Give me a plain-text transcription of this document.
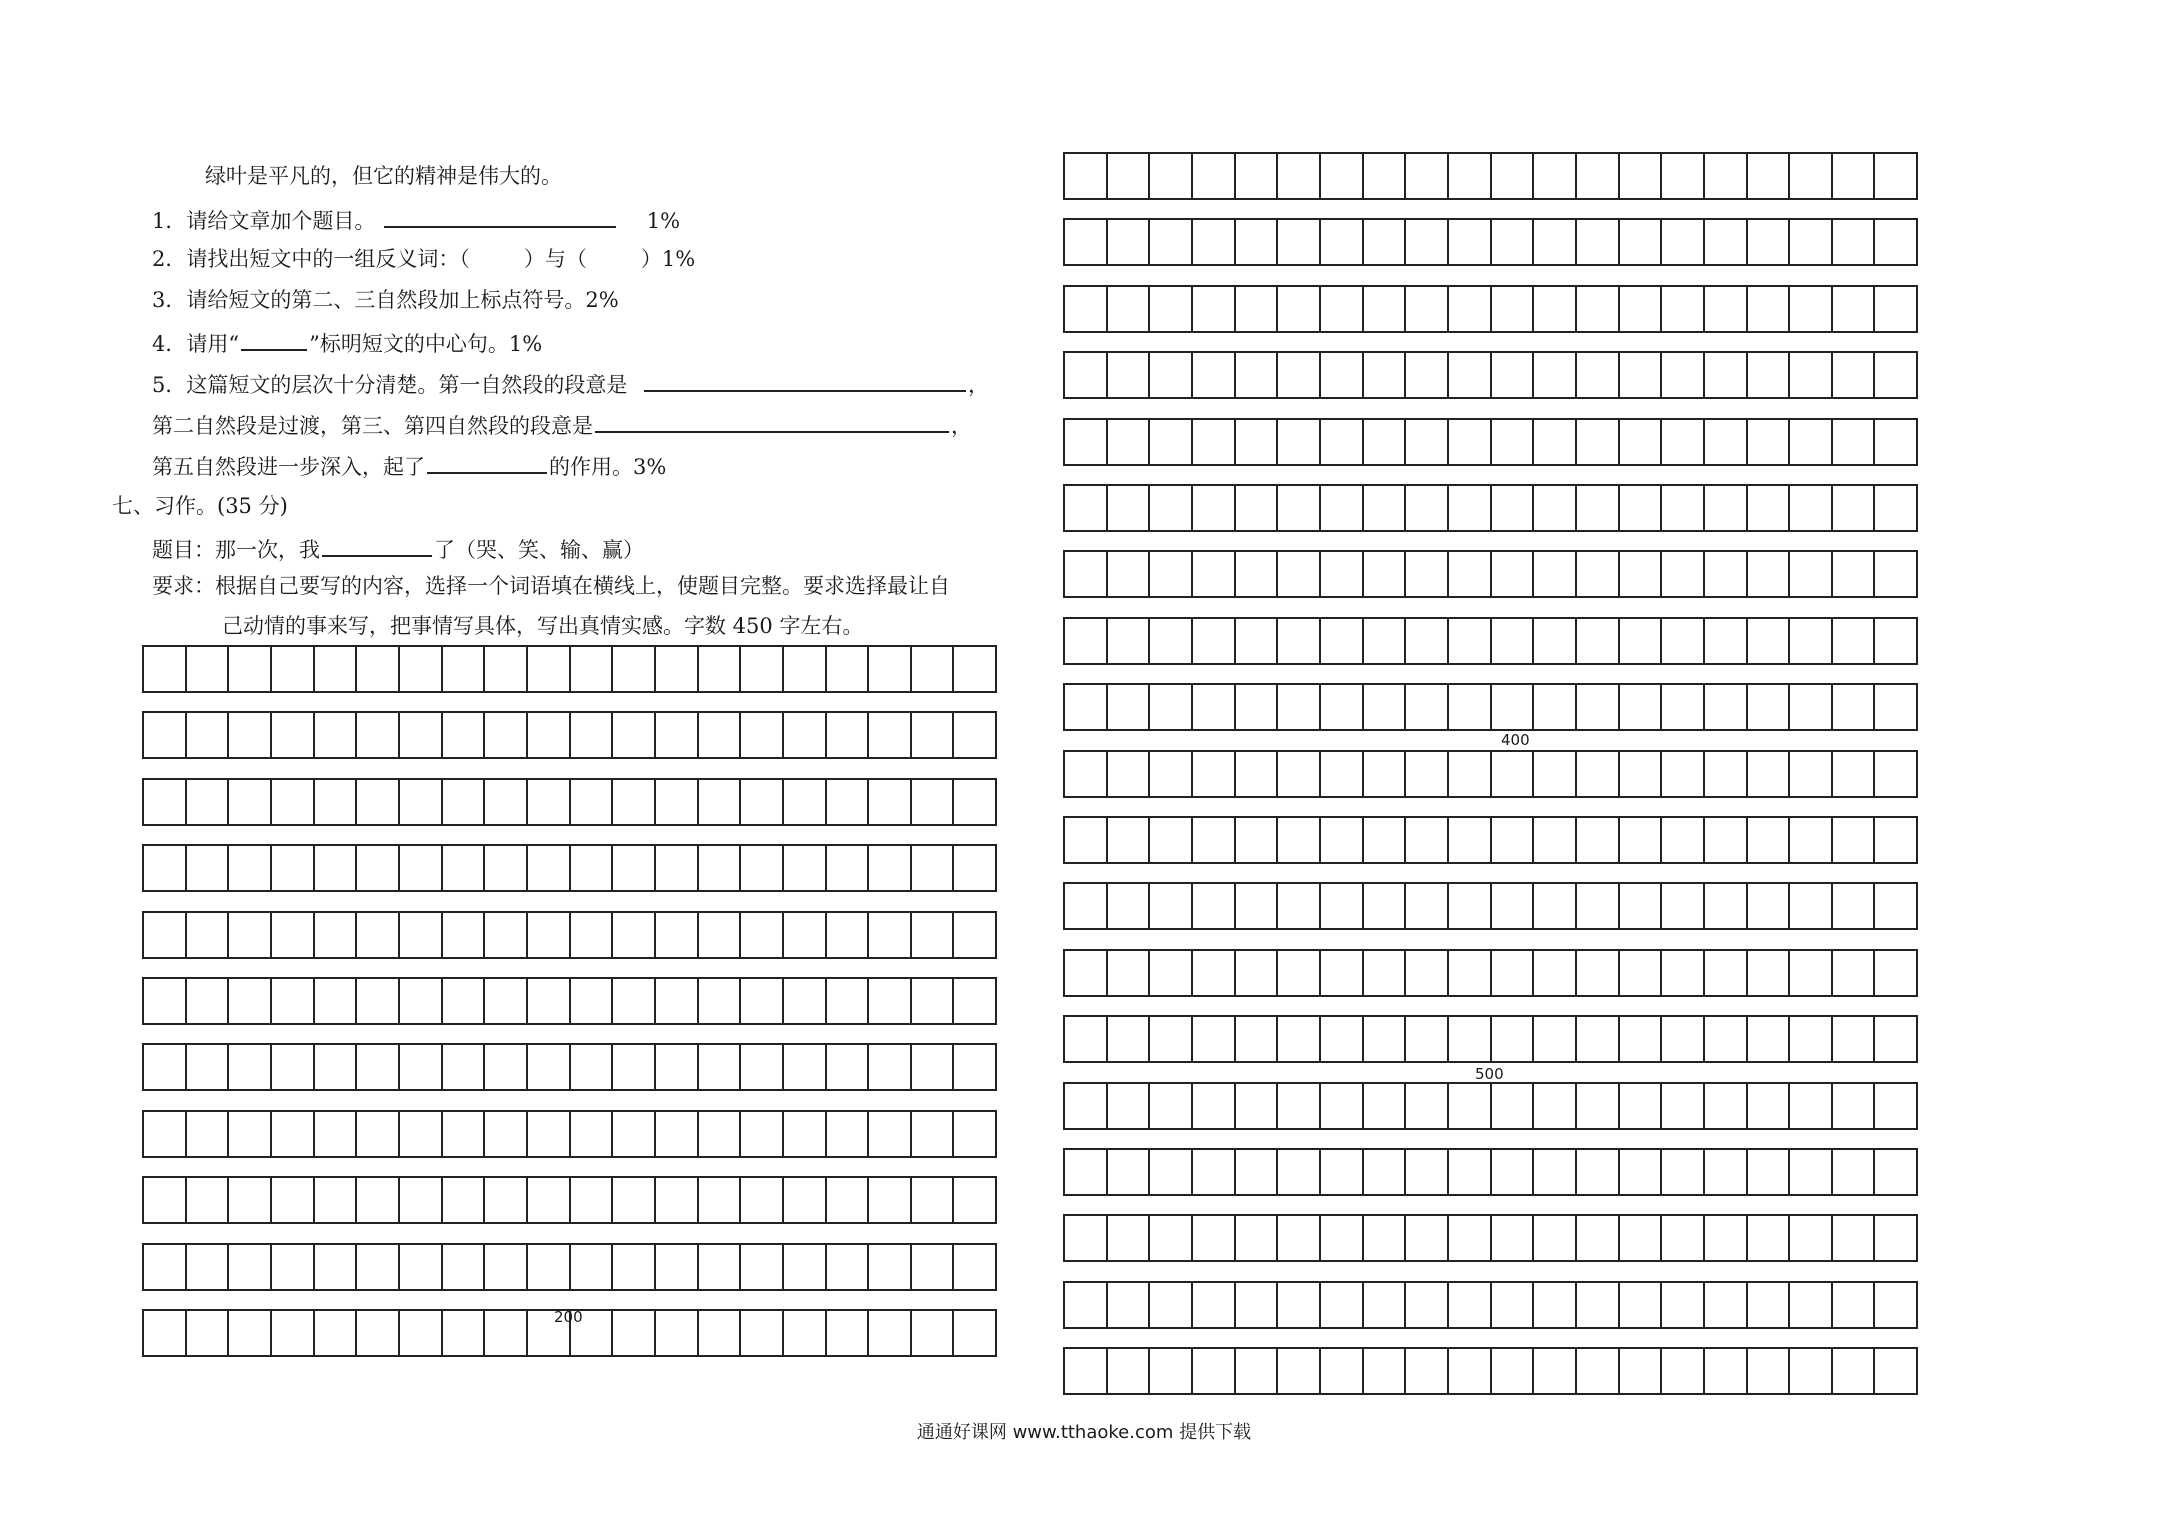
绿叶是平凡的，但它的精神是伟大的。
1．请给文章加个题目。	1%
2．请找出短文中的一组反义词：（	）与（	）1%
3．请给短文的第二、三自然段加上标点符号。2%
4．请用“	”标明短文的中心句。1%
5．这篇短文的层次十分清楚。第一自然段的段意是	，
第二自然段是过渡，第三、第四自然段的段意是	，
第五自然段进一步深入，起了	的作用。3%
七、习作。(35 分)
题目：那一次，我	了（哭、笑、输、赢）
要求：根据自己要写的内容，选择一个词语填在横线上，使题目完整。要求选择最让自
己动情的事来写，把事情写具体，写出真情实感。字数 450 字左右。
200
400
500
通通好课网 www.tthaoke.com 提供下载
